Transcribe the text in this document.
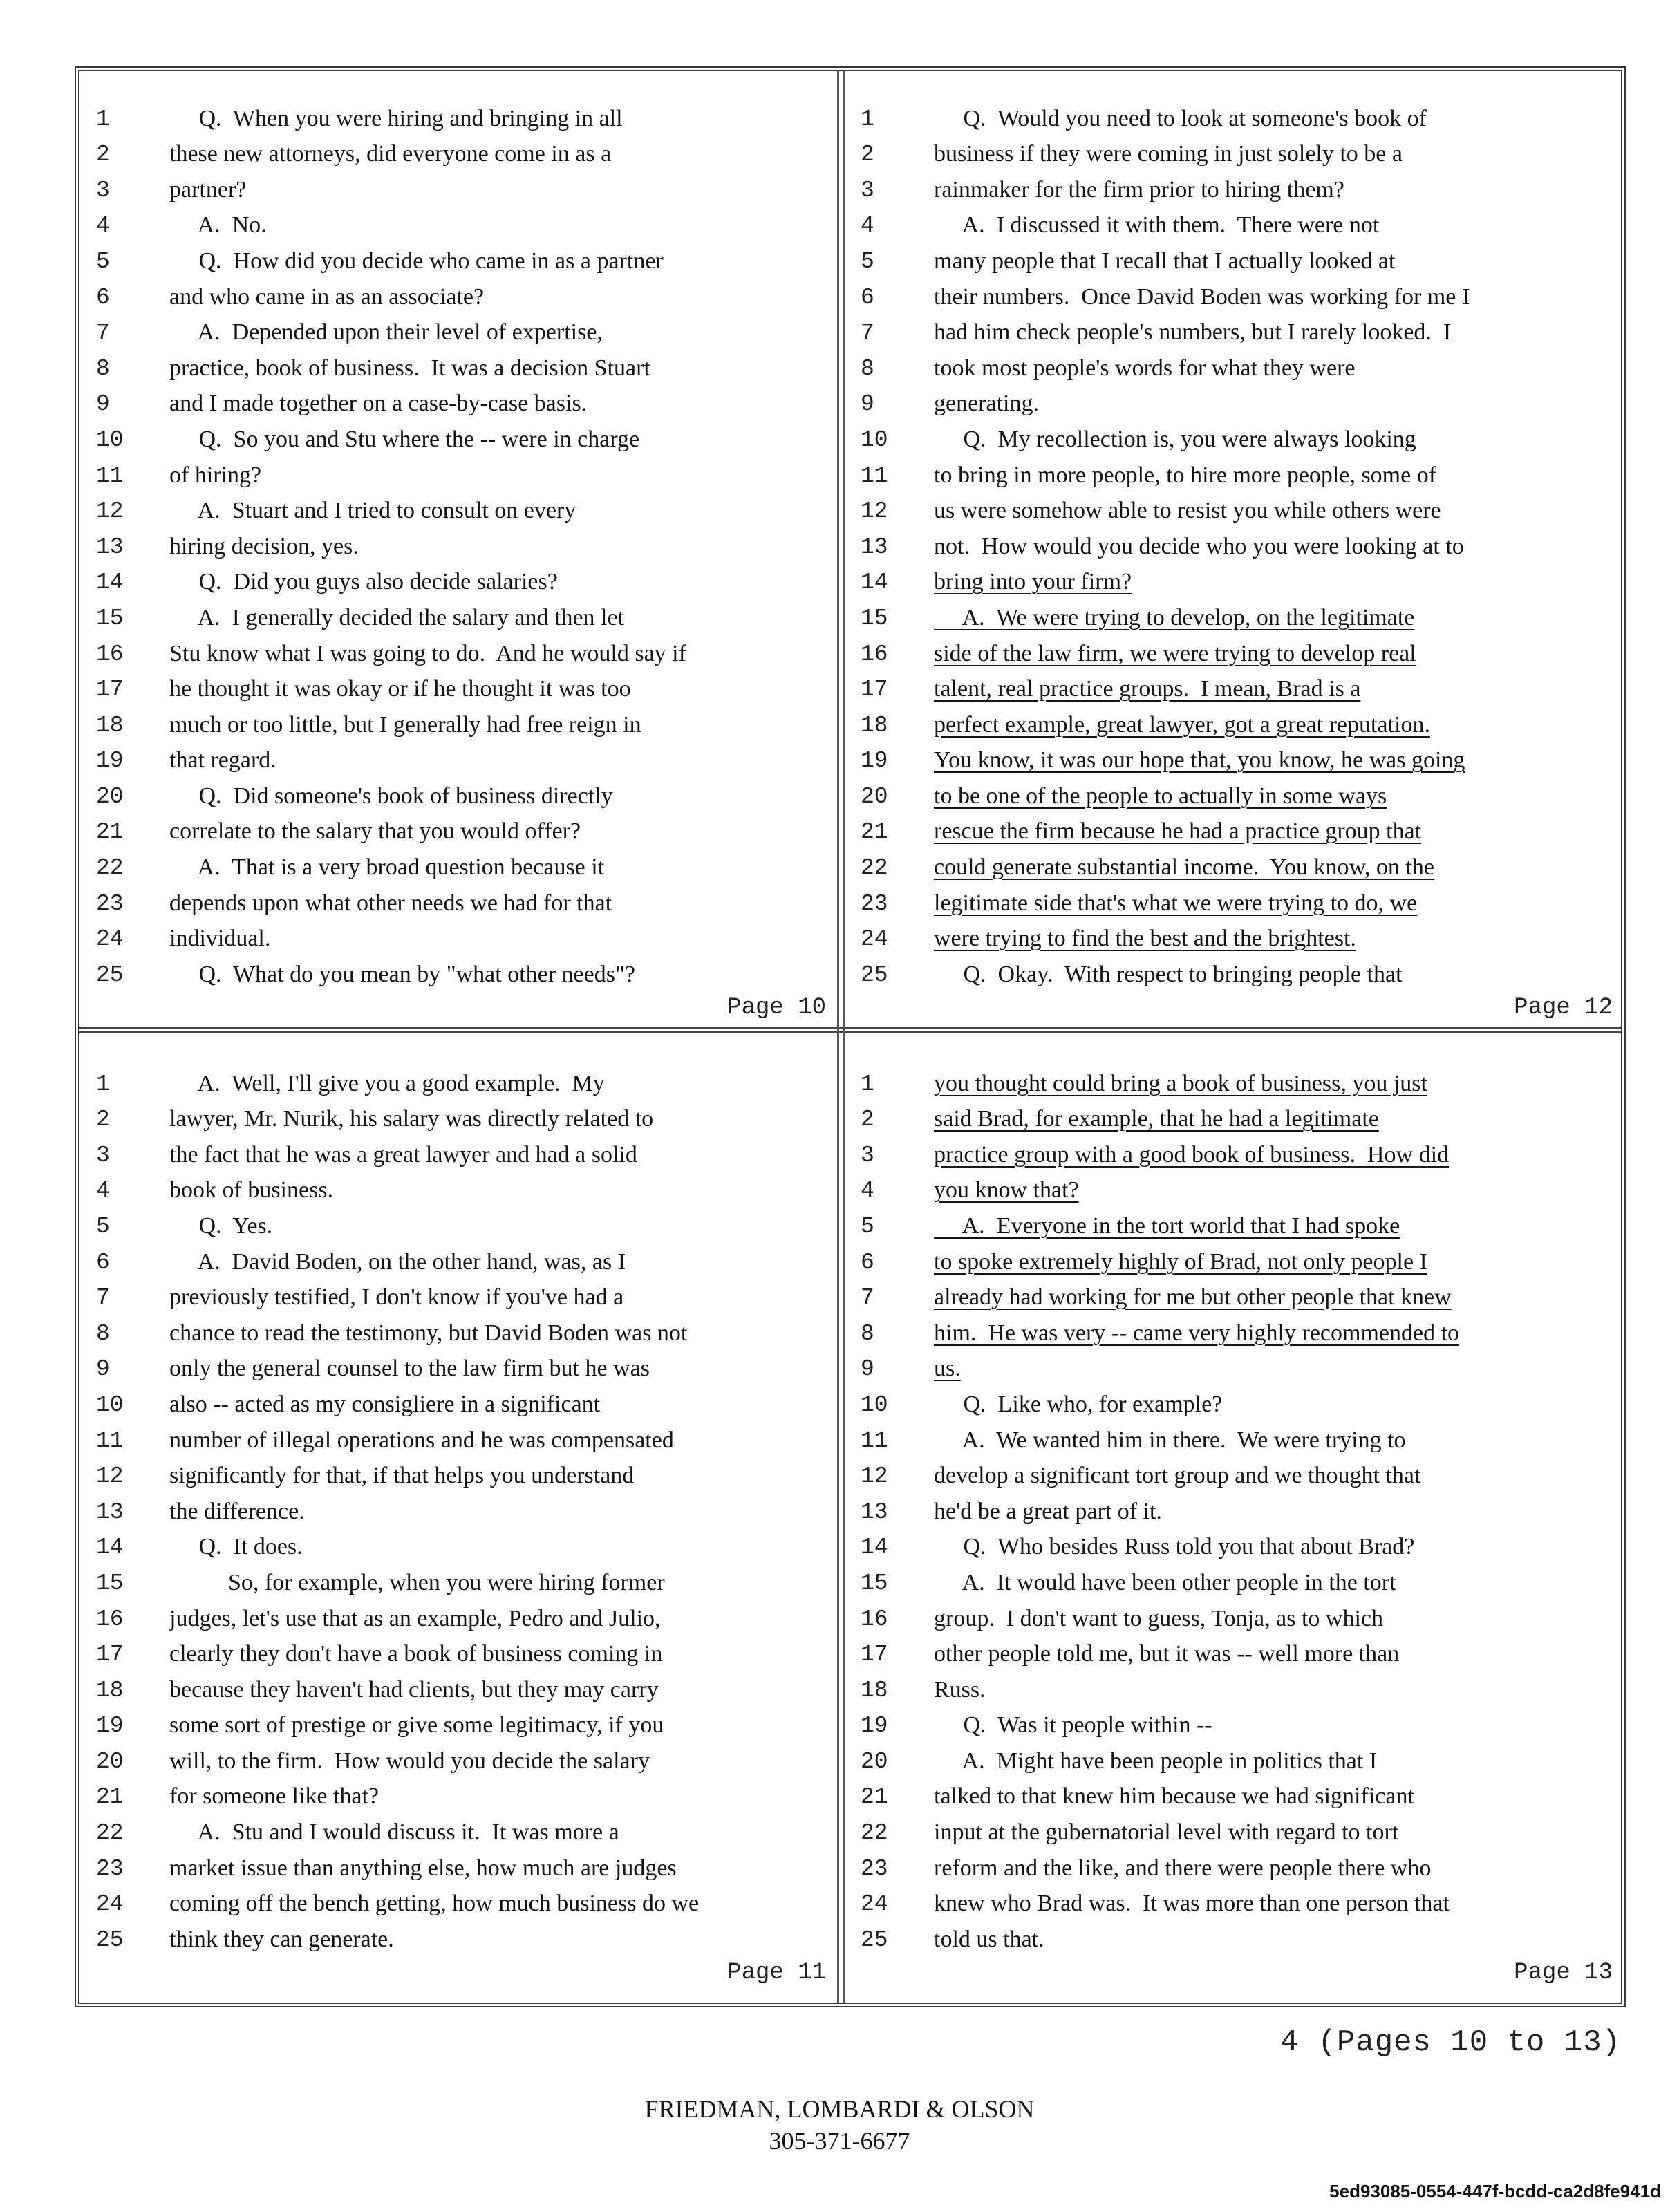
1	Q.  When you were hiring and bringing in all
2	these new attorneys, did everyone come in as a
3	partner?
4	A.  No.
5	Q.  How did you decide who came in as a partner
6	and who came in as an associate?
7	A.  Depended upon their level of expertise,
8	practice, book of business.  It was a decision Stuart
9	and I made together on a case-by-case basis.
10	Q.  So you and Stu where the -- were in charge
11	of hiring?
12	A.  Stuart and I tried to consult on every
13	hiring decision, yes.
14	Q.  Did you guys also decide salaries?
15	A.  I generally decided the salary and then let
16	Stu know what I was going to do.  And he would say if
17	he thought it was okay or if he thought it was too
18	much or too little, but I generally had free reign in
19	that regard.
20	Q.  Did someone's book of business directly
21	correlate to the salary that you would offer?
22	A.  That is a very broad question because it
23	depends upon what other needs we had for that
24	individual.
25	Q.  What do you mean by "what other needs"?
Page 10
1	Q.  Would you need to look at someone's book of
2	business if they were coming in just solely to be a
3	rainmaker for the firm prior to hiring them?
4	A.  I discussed it with them.  There were not
5	many people that I recall that I actually looked at
6	their numbers.  Once David Boden was working for me I
7	had him check people's numbers, but I rarely looked.  I
8	took most people's words for what they were
9	generating.
10	Q.  My recollection is, you were always looking
11	to bring in more people, to hire more people, some of
12	us were somehow able to resist you while others were
13	not.  How would you decide who you were looking at to
14	bring into your firm?
15	A.  We were trying to develop, on the legitimate
16	side of the law firm, we were trying to develop real
17	talent, real practice groups.  I mean, Brad is a
18	perfect example, great lawyer, got a great reputation.
19	You know, it was our hope that, you know, he was going
20	to be one of the people to actually in some ways
21	rescue the firm because he had a practice group that
22	could generate substantial income.  You know, on the
23	legitimate side that's what we were trying to do, we
24	were trying to find the best and the brightest.
25	Q.  Okay.  With respect to bringing people that
Page 12
1	A.  Well, I'll give you a good example.  My
2	lawyer, Mr. Nurik, his salary was directly related to
3	the fact that he was a great lawyer and had a solid
4	book of business.
5	Q.  Yes.
6	A.  David Boden, on the other hand, was, as I
7	previously testified, I don't know if you've had a
8	chance to read the testimony, but David Boden was not
9	only the general counsel to the law firm but he was
10	also -- acted as my consigliere in a significant
11	number of illegal operations and he was compensated
12	significantly for that, if that helps you understand
13	the difference.
14	Q.  It does.
15	So, for example, when you were hiring former
16	judges, let's use that as an example, Pedro and Julio,
17	clearly they don't have a book of business coming in
18	because they haven't had clients, but they may carry
19	some sort of prestige or give some legitimacy, if you
20	will, to the firm.  How would you decide the salary
21	for someone like that?
22	A.  Stu and I would discuss it.  It was more a
23	market issue than anything else, how much are judges
24	coming off the bench getting, how much business do we
25	think they can generate.
Page 11
1	you thought could bring a book of business, you just
2	said Brad, for example, that he had a legitimate
3	practice group with a good book of business.  How did
4	you know that?
5	A.  Everyone in the tort world that I had spoke
6	to spoke extremely highly of Brad, not only people I
7	already had working for me but other people that knew
8	him.  He was very -- came very highly recommended to
9	us.
10	Q.  Like who, for example?
11	A.  We wanted him in there.  We were trying to
12	develop a significant tort group and we thought that
13	he'd be a great part of it.
14	Q.  Who besides Russ told you that about Brad?
15	A.  It would have been other people in the tort
16	group.  I don't want to guess, Tonja, as to which
17	other people told me, but it was -- well more than
18	Russ.
19	Q.  Was it people within --
20	A.  Might have been people in politics that I
21	talked to that knew him because we had significant
22	input at the gubernatorial level with regard to tort
23	reform and the like, and there were people there who
24	knew who Brad was.  It was more than one person that
25	told us that.
Page 13
4 (Pages 10 to 13)
FRIEDMAN, LOMBARDI & OLSON
305-371-6677
5ed93085-0554-447f-bcdd-ca2d8fe941d
